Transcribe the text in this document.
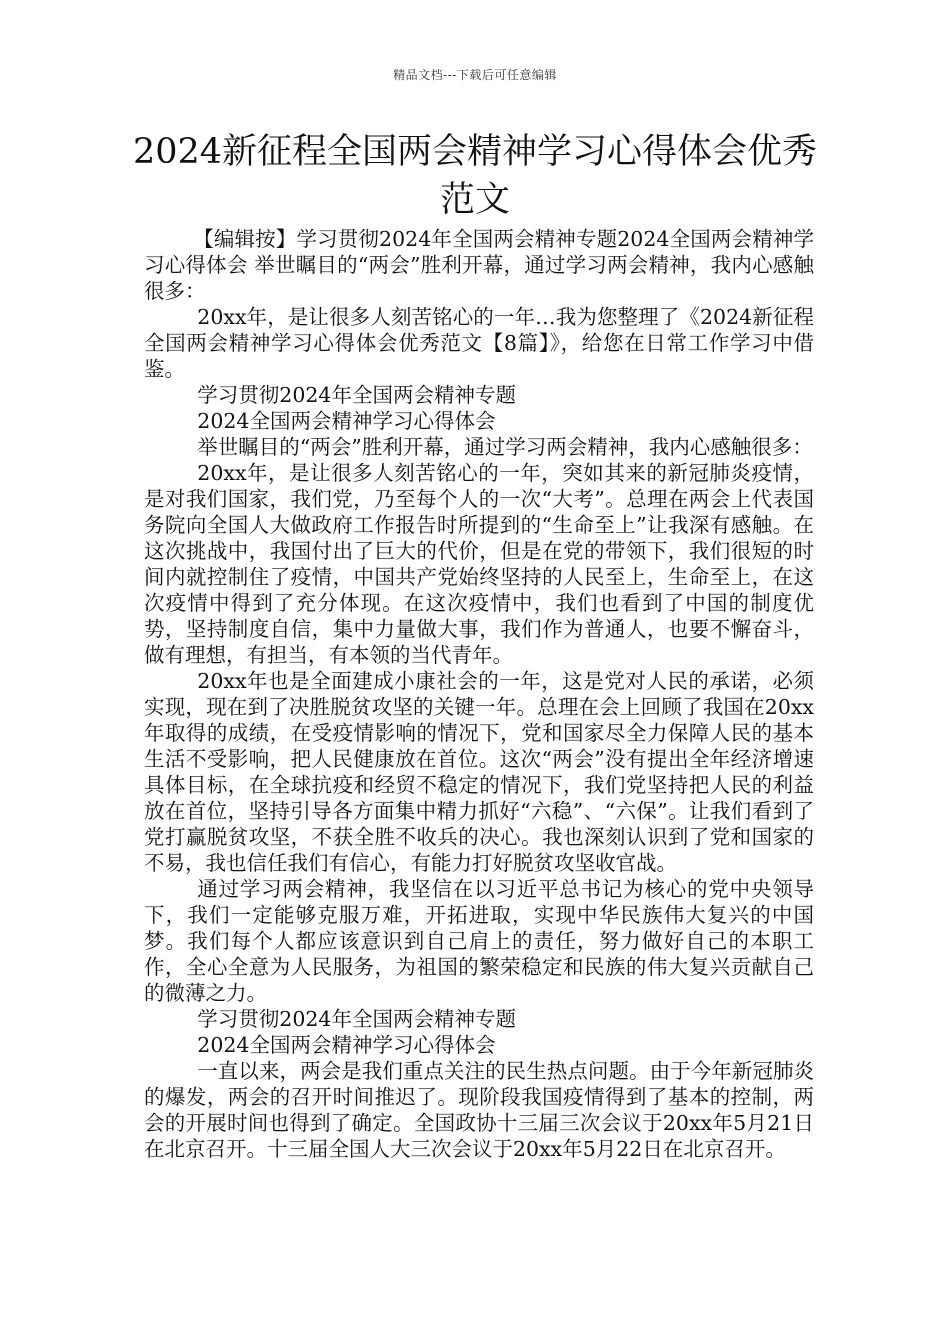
精品文档---下载后可任意编辑
2024新征程全国两会精神学习心得体会优秀范文

【编辑按】学习贯彻2024年全国两会精神专题2024全国两会精神学习心得体会 举世瞩目的“两会”胜利开幕，通过学习两会精神，我内心感触很多：

20xx年，是让很多人刻苦铭心的一年…我为您整理了《2024新征程全国两会精神学习心得体会优秀范文【8篇】》，给您在日常工作学习中借鉴。

学习贯彻2024年全国两会精神专题

2024全国两会精神学习心得体会

举世瞩目的“两会”胜利开幕，通过学习两会精神，我内心感触很多：

20xx年，是让很多人刻苦铭心的一年，突如其来的新冠肺炎疫情，是对我们国家，我们党，乃至每个人的一次“大考”。总理在两会上代表国务院向全国人大做政府工作报告时所提到的“生命至上”让我深有感触。在这次挑战中，我国付出了巨大的代价，但是在党的带领下，我们很短的时间内就控制住了疫情，中国共产党始终坚持的人民至上，生命至上，在这次疫情中得到了充分体现。在这次疫情中，我们也看到了中国的制度优势，坚持制度自信，集中力量做大事，我们作为普通人，也要不懈奋斗，做有理想，有担当，有本领的当代青年。

20xx年也是全面建成小康社会的一年，这是党对人民的承诺，必须实现，现在到了决胜脱贫攻坚的关键一年。总理在会上回顾了我国在20xx年取得的成绩，在受疫情影响的情况下，党和国家尽全力保障人民的基本生活不受影响，把人民健康放在首位。这次“两会”没有提出全年经济增速具体目标，在全球抗疫和经贸不稳定的情况下，我们党坚持把人民的利益放在首位，坚持引导各方面集中精力抓好“六稳”、“六保”。让我们看到了党打赢脱贫攻坚，不获全胜不收兵的决心。我也深刻认识到了党和国家的不易，我也信任我们有信心，有能力打好脱贫攻坚收官战。

通过学习两会精神，我坚信在以习近平总书记为核心的党中央领导下，我们一定能够克服万难，开拓进取，实现中华民族伟大复兴的中国梦。我们每个人都应该意识到自己肩上的责任，努力做好自己的本职工作，全心全意为人民服务，为祖国的繁荣稳定和民族的伟大复兴贡献自己的微薄之力。

学习贯彻2024年全国两会精神专题

2024全国两会精神学习心得体会

一直以来，两会是我们重点关注的民生热点问题。由于今年新冠肺炎的爆发，两会的召开时间推迟了。现阶段我国疫情得到了基本的控制，两会的开展时间也得到了确定。全国政协十三届三次会议于20xx年5月21日在北京召开。十三届全国人大三次会议于20xx年5月22日在北京召开。
